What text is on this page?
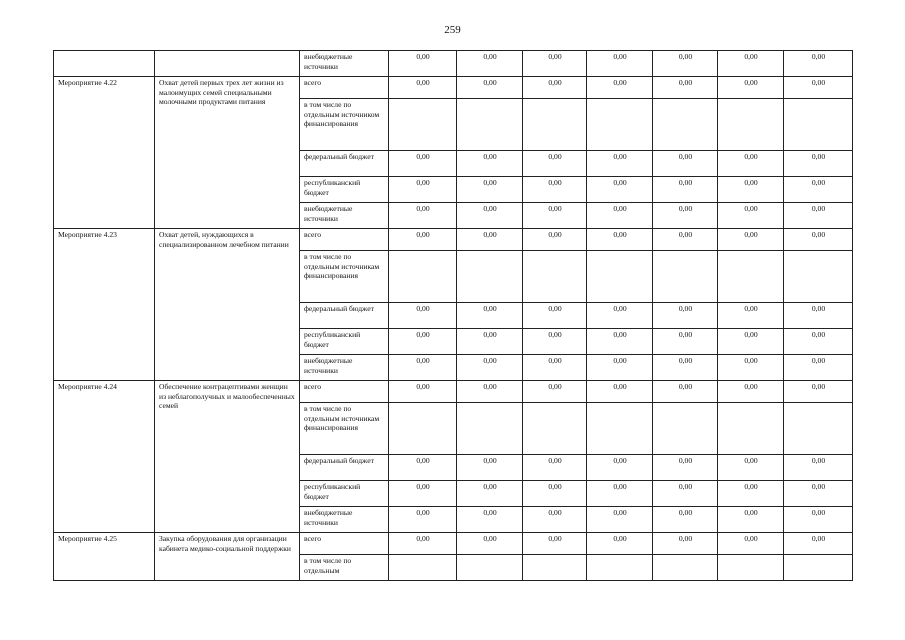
259
		внебюджетные источники	0,00	0,00	0,00	0,00	0,00	0,00	0,00
Мероприятие 4.22	Охват детей первых трех лет жизни из малоимущих семей специальными молочными продуктами питания	всего	0,00	0,00	0,00	0,00	0,00	0,00	0,00
		в том числе по отдельным источником финансирования							
		федеральный бюджет	0,00	0,00	0,00	0,00	0,00	0,00	0,00
		республиканский бюджет	0,00	0,00	0,00	0,00	0,00	0,00	0,00
		внебюджетные источники	0,00	0,00	0,00	0,00	0,00	0,00	0,00
Мероприятие 4.23	Охват детей, нуждающихся в специализированном лечебном питании	всего	0,00	0,00	0,00	0,00	0,00	0,00	0,00
		в том числе по отдельным источникам финансирования							
		федеральный бюджет	0,00	0,00	0,00	0,00	0,00	0,00	0,00
		республиканский бюджет	0,00	0,00	0,00	0,00	0,00	0,00	0,00
		внебюджетные источники	0,00	0,00	0,00	0,00	0,00	0,00	0,00
Мероприятие 4.24	Обеспечение контрацептивами женщин из неблагополучных и малообеспеченных семей	всего	0,00	0,00	0,00	0,00	0,00	0,00	0,00
		в том числе по отдельным источникам финансирования							
		федеральный бюджет	0,00	0,00	0,00	0,00	0,00	0,00	0,00
		республиканский бюджет	0,00	0,00	0,00	0,00	0,00	0,00	0,00
		внебюджетные источники	0,00	0,00	0,00	0,00	0,00	0,00	0,00
Мероприятие 4.25	Закупка оборудования для организации кабинета медико-социальной поддержки	всего	0,00	0,00	0,00	0,00	0,00	0,00	0,00
		в том числе по отдельным							
